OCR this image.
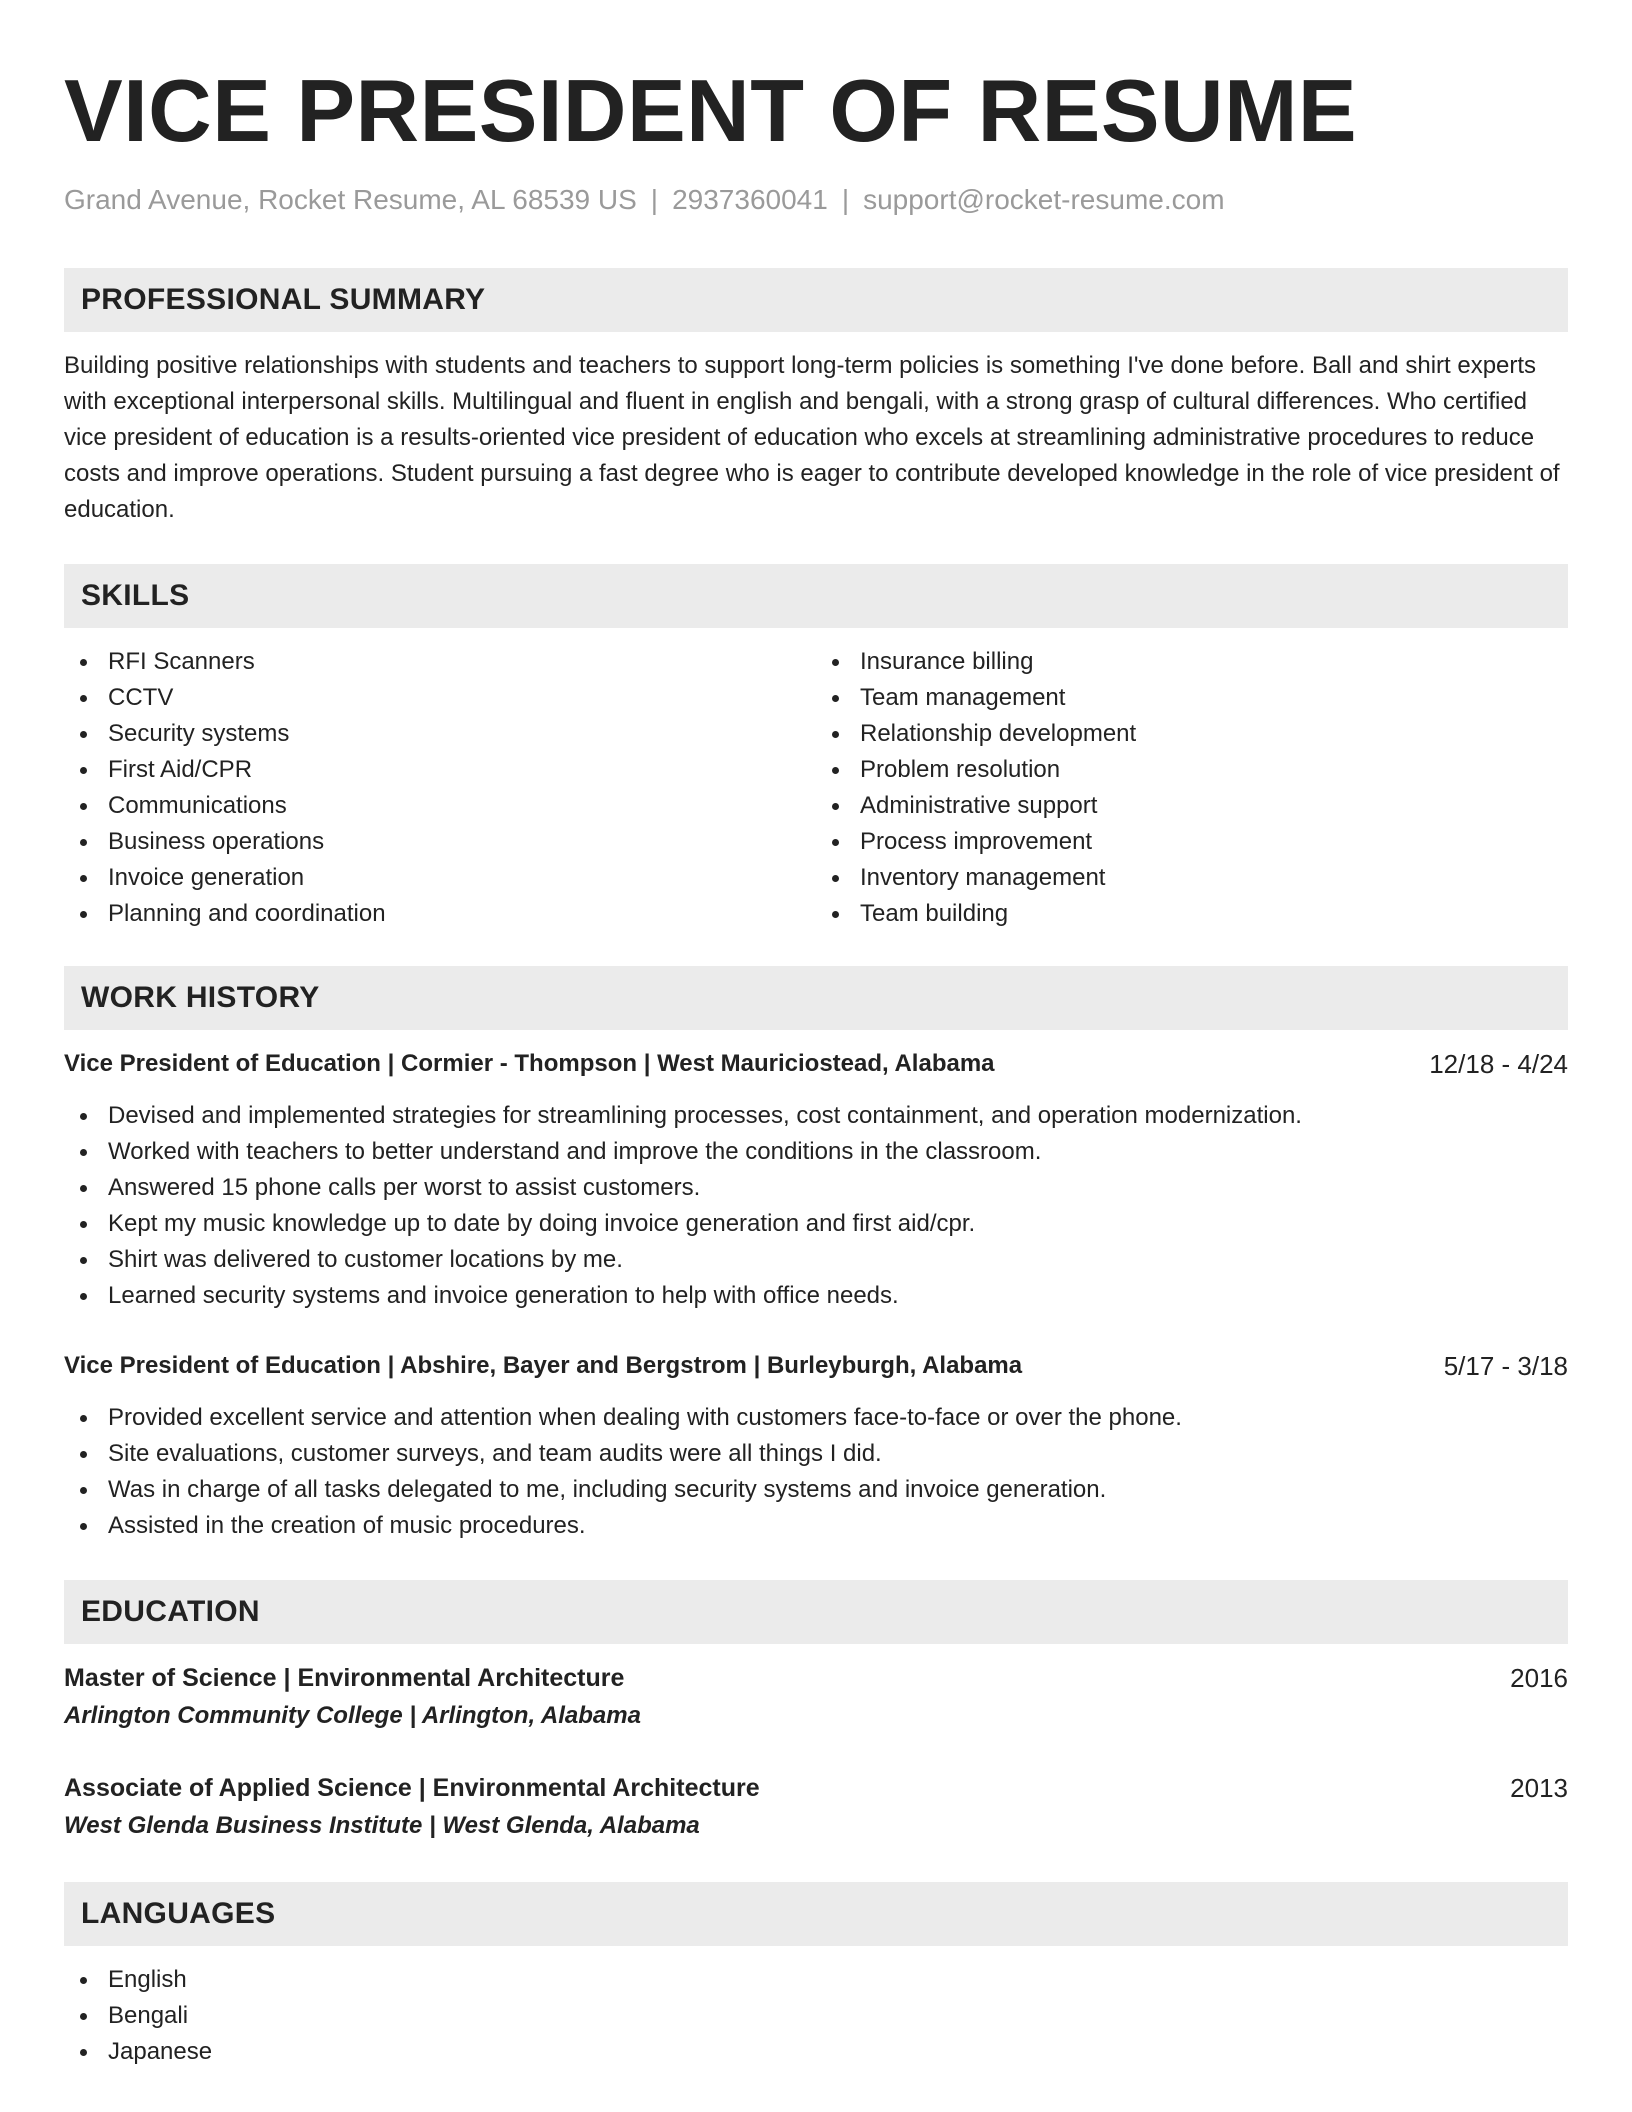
VICE PRESIDENT OF RESUME
Grand Avenue, Rocket Resume, AL 68539 US | 2937360041 | support@rocket-resume.com
PROFESSIONAL SUMMARY

Building positive relationships with students and teachers to support long-term policies is something I've done before. Ball and shirt experts with exceptional interpersonal skills. Multilingual and fluent in english and bengali, with a strong grasp of cultural differences. Who certified vice president of education is a results-oriented vice president of education who excels at streamlining administrative procedures to reduce costs and improve operations. Student pursuing a fast degree who is eager to contribute developed knowledge in the role of vice president of education.

SKILLS
RFI Scanners
CCTV
Security systems
First Aid/CPR
Communications
Business operations
Invoice generation
Planning and coordination
Insurance billing
Team management
Relationship development
Problem resolution
Administrative support
Process improvement
Inventory management
Team building
WORK HISTORY
Vice President of Education | Cormier - Thompson | West Mauriciostead, Alabama	12/18 - 4/24
Devised and implemented strategies for streamlining processes, cost containment, and operation modernization.
Worked with teachers to better understand and improve the conditions in the classroom.
Answered 15 phone calls per worst to assist customers.
Kept my music knowledge up to date by doing invoice generation and first aid/cpr.
Shirt was delivered to customer locations by me.
Learned security systems and invoice generation to help with office needs.
Vice President of Education | Abshire, Bayer and Bergstrom | Burleyburgh, Alabama	5/17 - 3/18
Provided excellent service and attention when dealing with customers face-to-face or over the phone.
Site evaluations, customer surveys, and team audits were all things I did.
Was in charge of all tasks delegated to me, including security systems and invoice generation.
Assisted in the creation of music procedures.
EDUCATION
Master of Science | Environmental Architecture	2016
Arlington Community College | Arlington, Alabama
Associate of Applied Science | Environmental Architecture	2013
West Glenda Business Institute | West Glenda, Alabama
LANGUAGES
English
Bengali
Japanese
